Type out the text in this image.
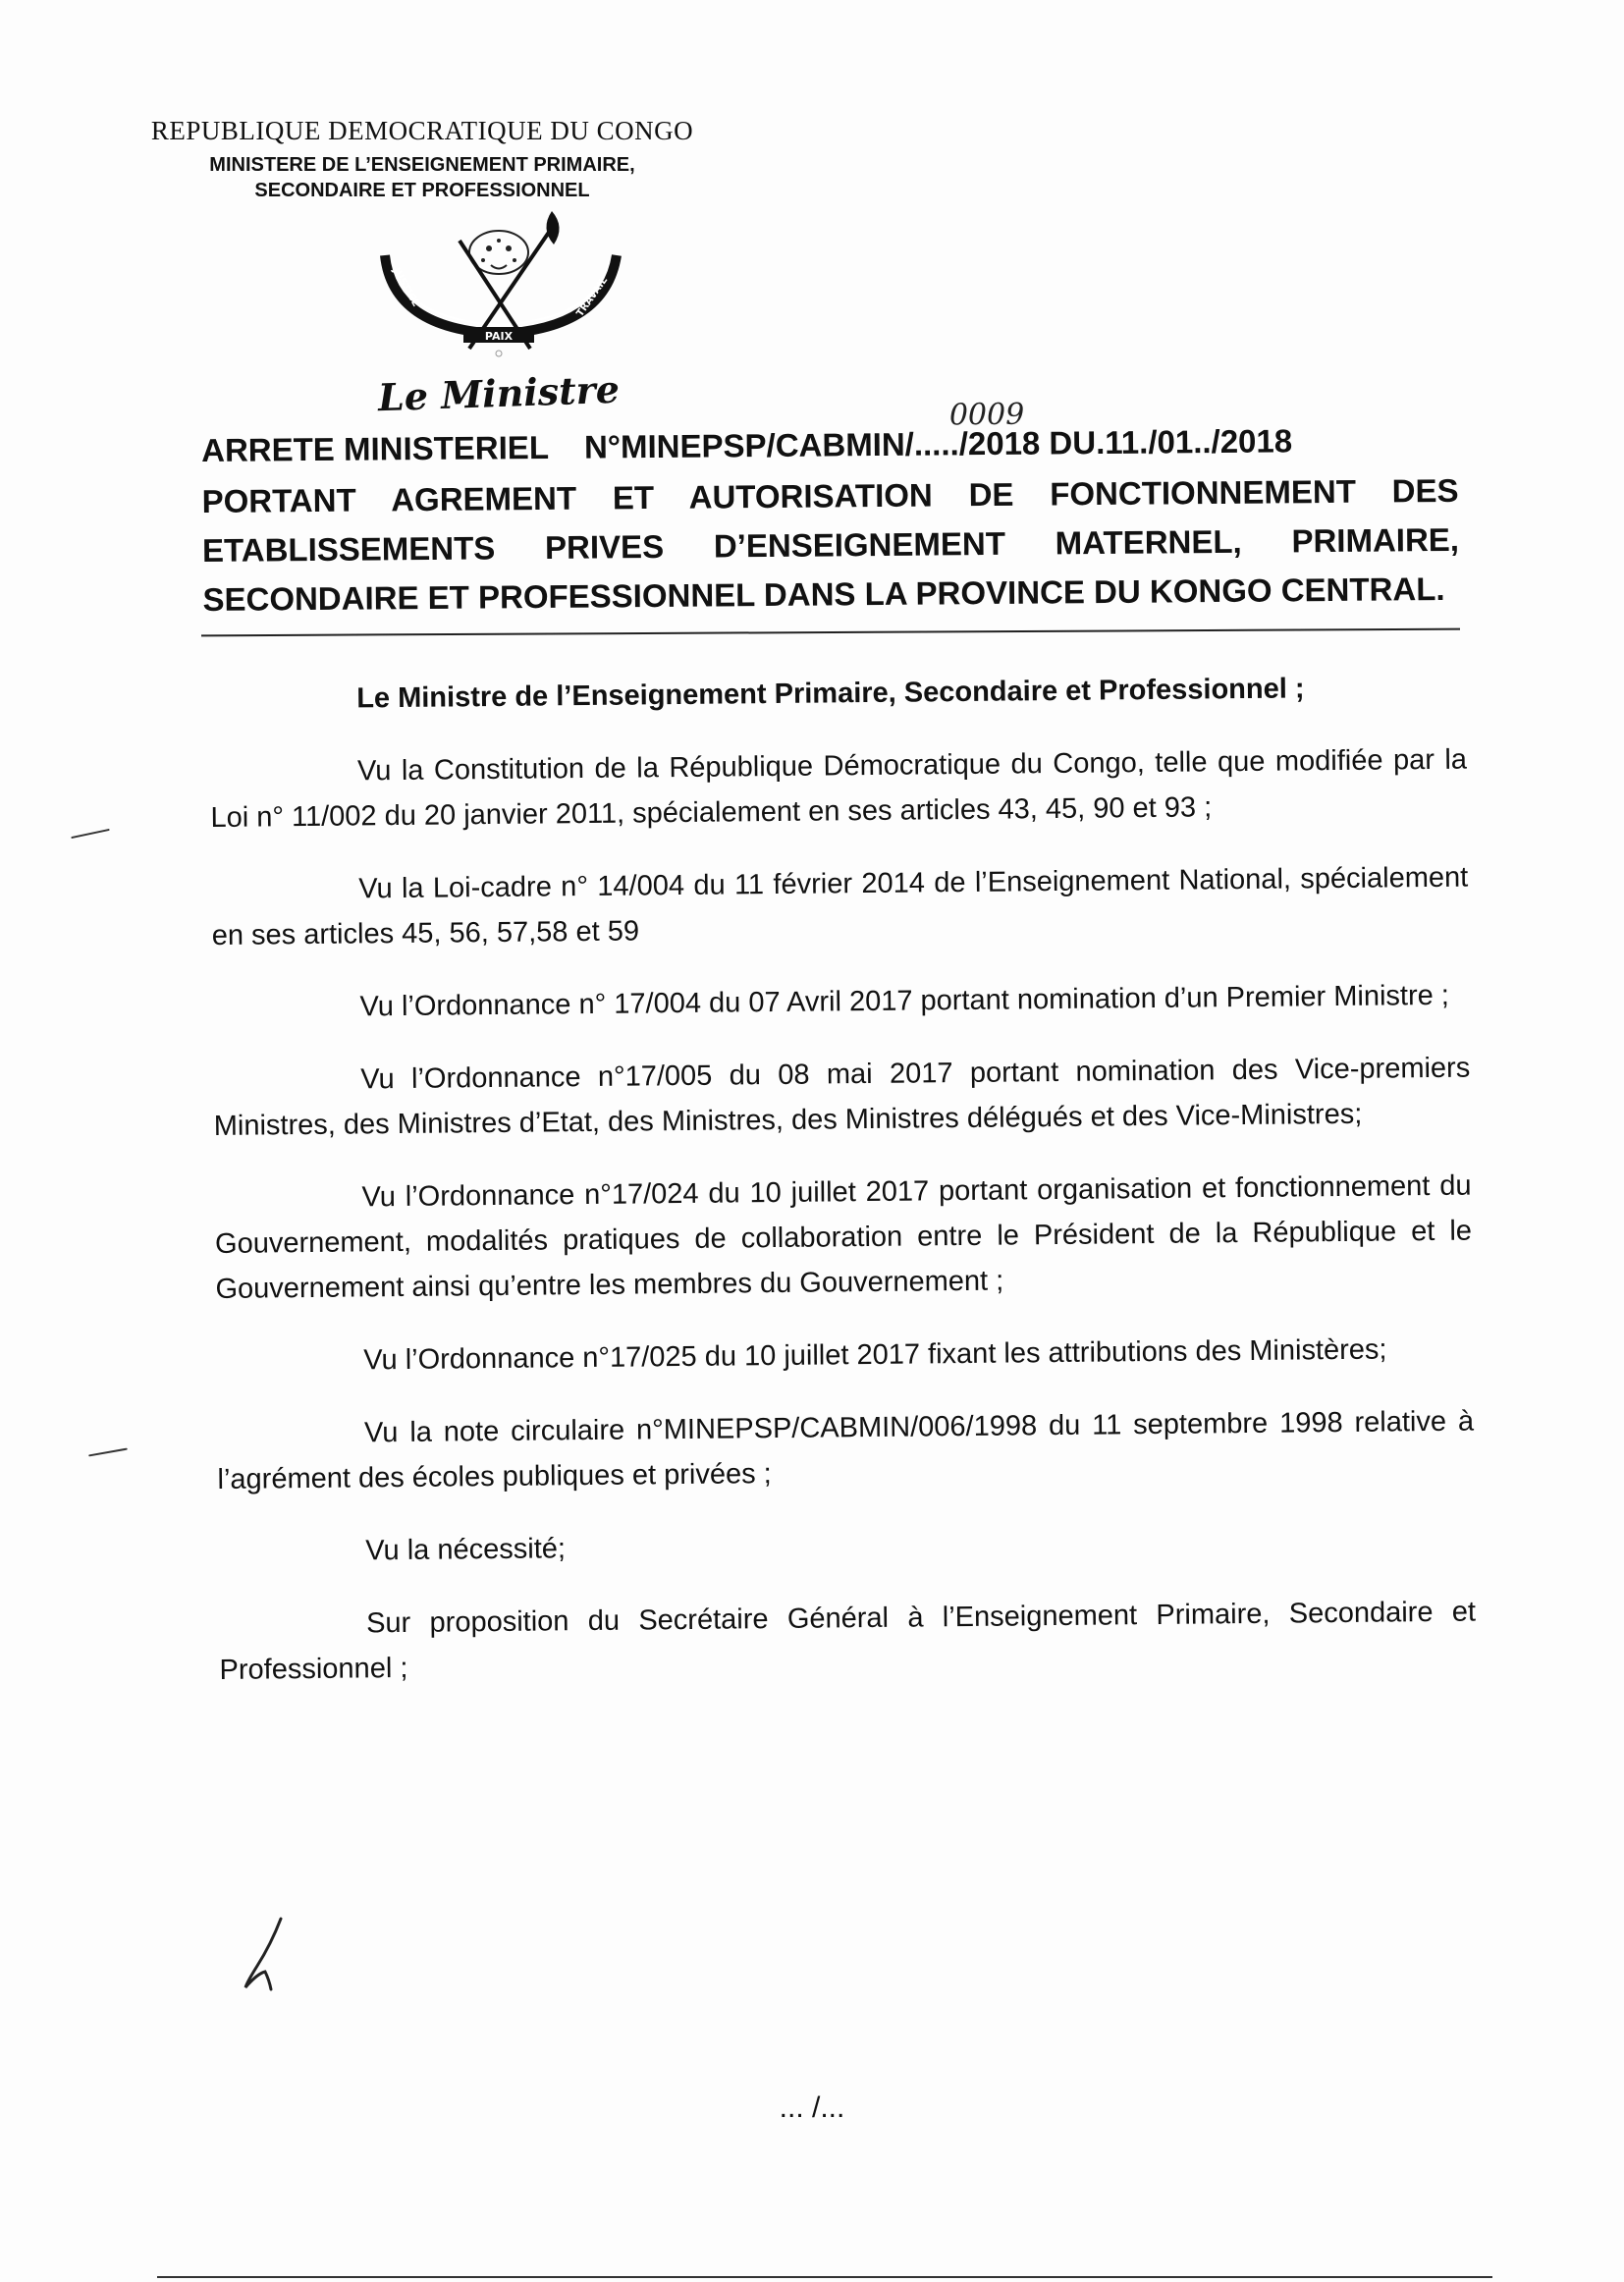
REPUBLIQUE DEMOCRATIQUE DU CONGO

MINISTERE DE L’ENSEIGNEMENT PRIMAIRE,

SECONDAIRE ET PROFESSIONNEL

PAIX
JUSTICE	TRAVAIL
Le Ministre
ARRETE MINISTERIEL N°MINEPSP/CABMIN/...../2018 DU.11./01../2018
0009
PORTANT AGREMENT ET AUTORISATION DE FONCTIONNEMENT DES
ETABLISSEMENTS PRIVES D’ENSEIGNEMENT MATERNEL, PRIMAIRE,
SECONDAIRE ET PROFESSIONNEL DANS LA PROVINCE DU KONGO CENTRAL.

Le Ministre de l’Enseignement Primaire, Secondaire et Professionnel ;

Vu la Constitution de la République Démocratique du Congo, telle que modifiée par la Loi n° 11/002 du 20 janvier 2011, spécialement en ses articles 43, 45, 90 et 93 ;

Vu la Loi-cadre n° 14/004 du 11 février 2014 de l’Enseignement National, spécialement en ses articles 45, 56, 57,58 et 59

Vu l’Ordonnance n° 17/004 du 07 Avril 2017 portant nomination d’un Premier Ministre ;

Vu l’Ordonnance n°17/005 du 08 mai 2017 portant nomination des Vice-premiers Ministres, des Ministres d’Etat, des Ministres, des Ministres délégués et des Vice-Ministres;

Vu l’Ordonnance n°17/024 du 10 juillet 2017 portant organisation et fonctionnement du Gouvernement, modalités pratiques de collaboration entre le Président de la République et le Gouvernement ainsi qu’entre les membres du Gouvernement ;

Vu l’Ordonnance n°17/025 du 10 juillet 2017 fixant les attributions des Ministères;

Vu la note circulaire n°MINEPSP/CABMIN/006/1998 du 11 septembre 1998 relative à l’agrément des écoles publiques et privées ;

Vu la nécessité;

Sur proposition du Secrétaire Général à l’Enseignement Primaire, Secondaire et Professionnel ;

... /...
